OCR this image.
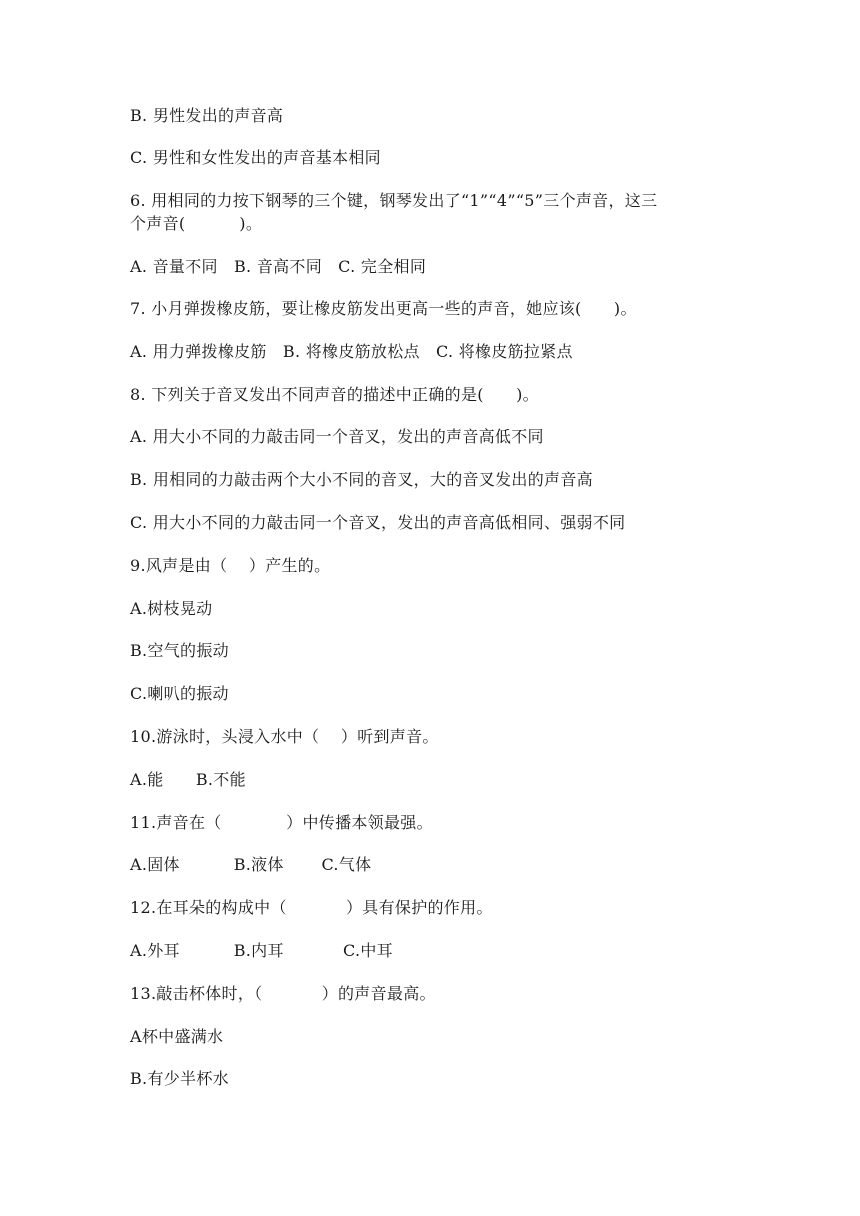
B. 男性发出的声音高
C. 男性和女性发出的声音基本相同
6. 用相同的力按下钢琴的三个键，钢琴发出了“1”“4”“5”三个声音，这三
个声音(          )。
A. 音量不同   B. 音高不同   C. 完全相同
7. 小月弹拨橡皮筋，要让橡皮筋发出更高一些的声音，她应该(      )。
A. 用力弹拨橡皮筋   B. 将橡皮筋放松点   C. 将橡皮筋拉紧点
8. 下列关于音叉发出不同声音的描述中正确的是(      )。
A. 用大小不同的力敲击同一个音叉，发出的声音高低不同
B. 用相同的力敲击两个大小不同的音叉，大的音叉发出的声音高
C. 用大小不同的力敲击同一个音叉，发出的声音高低相同、强弱不同
9.风声是由（    ）产生的。
A.树枝晃动
B.空气的振动
C.喇叭的振动
10.游泳时，头浸入水中（    ）听到声音。
A.能      B.不能
11.声音在（            ）中传播本领最强。
A.固体          B.液体       C.气体
12.在耳朵的构成中（           ）具有保护的作用。
A.外耳          B.内耳           C.中耳
13.敲击杯体时，（           ）的声音最高。
A杯中盛满水
B.有少半杯水
